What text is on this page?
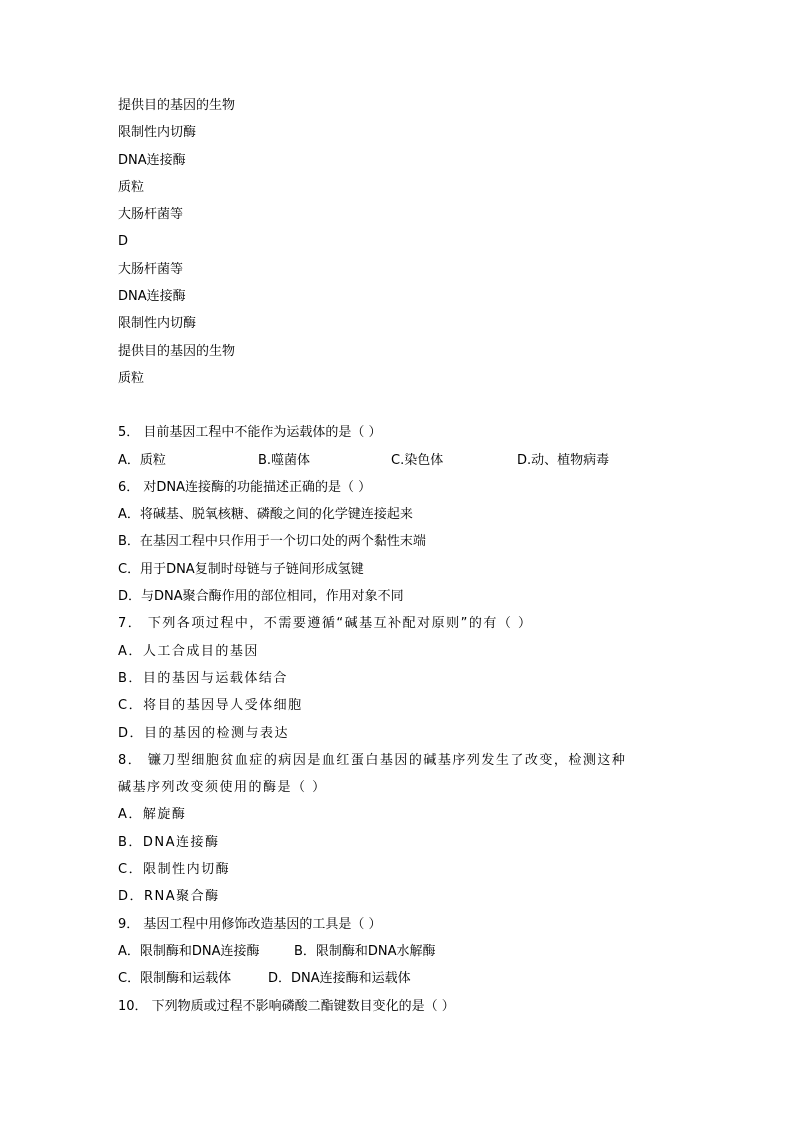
提供目的基因的生物
限制性内切酶
DNA连接酶
质粒
大肠杆菌等
D
大肠杆菌等
DNA连接酶
限制性内切酶
提供目的基因的生物
质粒
5． 目前基因工程中不能作为运载体的是（ ）
A．质粒	B.噬菌体	C.染色体	D.动、植物病毒
6． 对DNA连接酶的功能描述正确的是（ ）
A．将碱基、脱氧核糖、磷酸之间的化学键连接起来
B．在基因工程中只作用于一个切口处的两个黏性末端
C．用于DNA复制时母链与子链间形成氢键
D．与DNA聚合酶作用的部位相同，作用对象不同
7． 下列各项过程中，不需要遵循“碱基互补配对原则”的有（ ）
A．人工合成目的基因
B．目的基因与运载体结合
C．将目的基因导人受体细胞
D．目的基因的检测与表达
8． 镰刀型细胞贫血症的病因是血红蛋白基因的碱基序列发生了改变，检测这种
碱基序列改变须使用的酶是（ ）
A．解旋酶
B．DNA连接酶
C．限制性内切酶
D．RNA聚合酶
9． 基因工程中用修饰改造基因的工具是（ ）
A．限制酶和DNA连接酶	B．限制酶和DNA水解酶
C．限制酶和运载体	D．DNA连接酶和运载体
10． 下列物质或过程不影响磷酸二酯键数目变化的是（ ）
